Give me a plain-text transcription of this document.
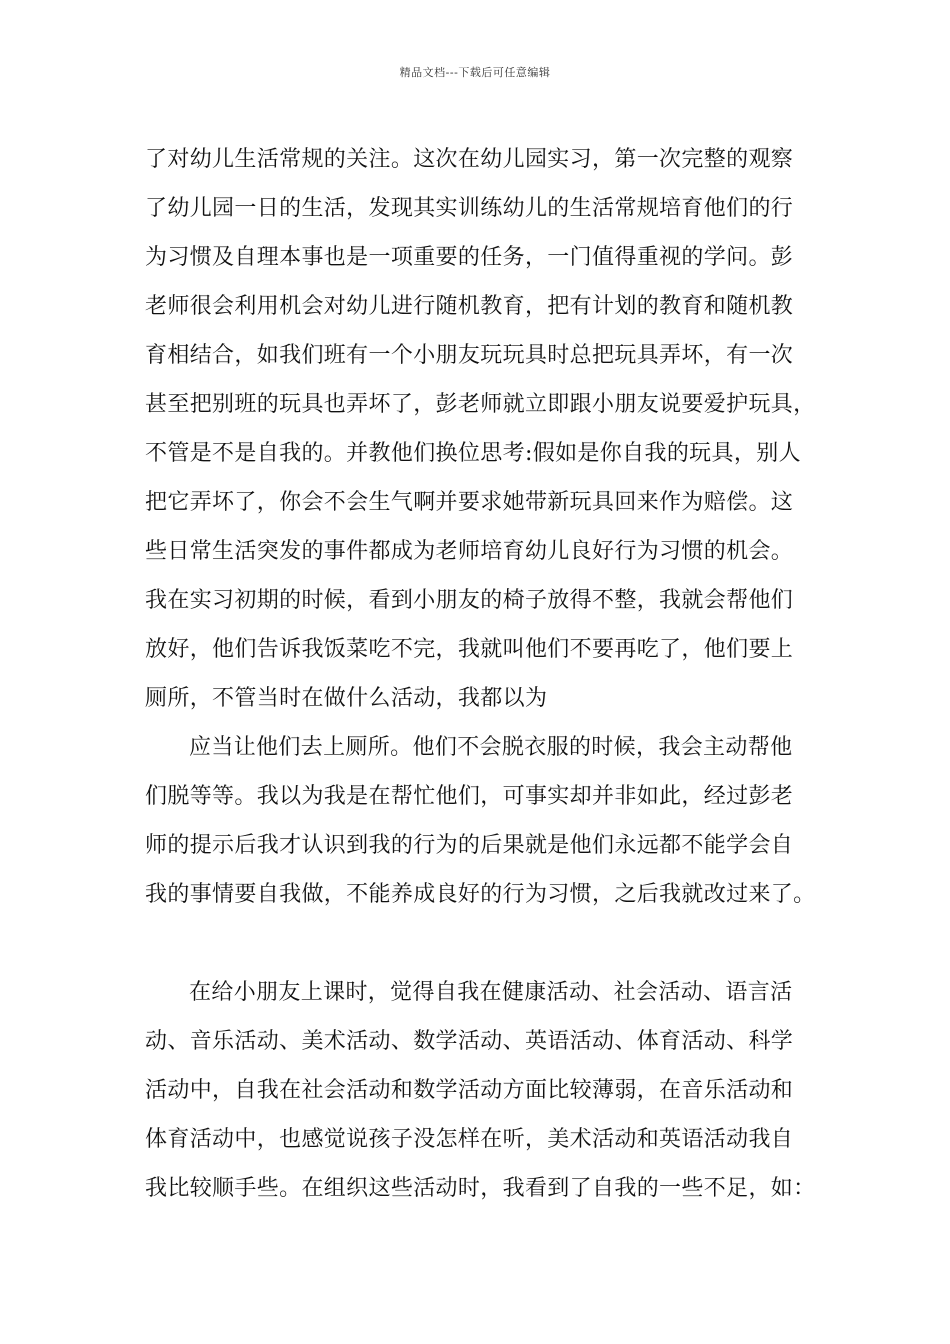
精品文档---下载后可任意编辑
了对幼儿生活常规的关注。这次在幼儿园实习，第一次完整的观察
了幼儿园一日的生活，发现其实训练幼儿的生活常规培育他们的行
为习惯及自理本事也是一项重要的任务，一门值得重视的学问。彭
老师很会利用机会对幼儿进行随机教育，把有计划的教育和随机教
育相结合，如我们班有一个小朋友玩玩具时总把玩具弄坏，有一次
甚至把别班的玩具也弄坏了，彭老师就立即跟小朋友说要爱护玩具，
不管是不是自我的。并教他们换位思考:假如是你自我的玩具，别人
把它弄坏了，你会不会生气啊并要求她带新玩具回来作为赔偿。这
些日常生活突发的事件都成为老师培育幼儿良好行为习惯的机会。
我在实习初期的时候，看到小朋友的椅子放得不整，我就会帮他们
放好，他们告诉我饭菜吃不完，我就叫他们不要再吃了，他们要上
厕所，不管当时在做什么活动，我都以为
应当让他们去上厕所。他们不会脱衣服的时候，我会主动帮他
们脱等等。我以为我是在帮忙他们，可事实却并非如此，经过彭老
师的提示后我才认识到我的行为的后果就是他们永远都不能学会自
我的事情要自我做，不能养成良好的行为习惯，之后我就改过来了。
在给小朋友上课时，觉得自我在健康活动、社会活动、语言活
动、音乐活动、美术活动、数学活动、英语活动、体育活动、科学
活动中，自我在社会活动和数学活动方面比较薄弱，在音乐活动和
体育活动中，也感觉说孩子没怎样在听，美术活动和英语活动我自
我比较顺手些。在组织这些活动时，我看到了自我的一些不足，如：
